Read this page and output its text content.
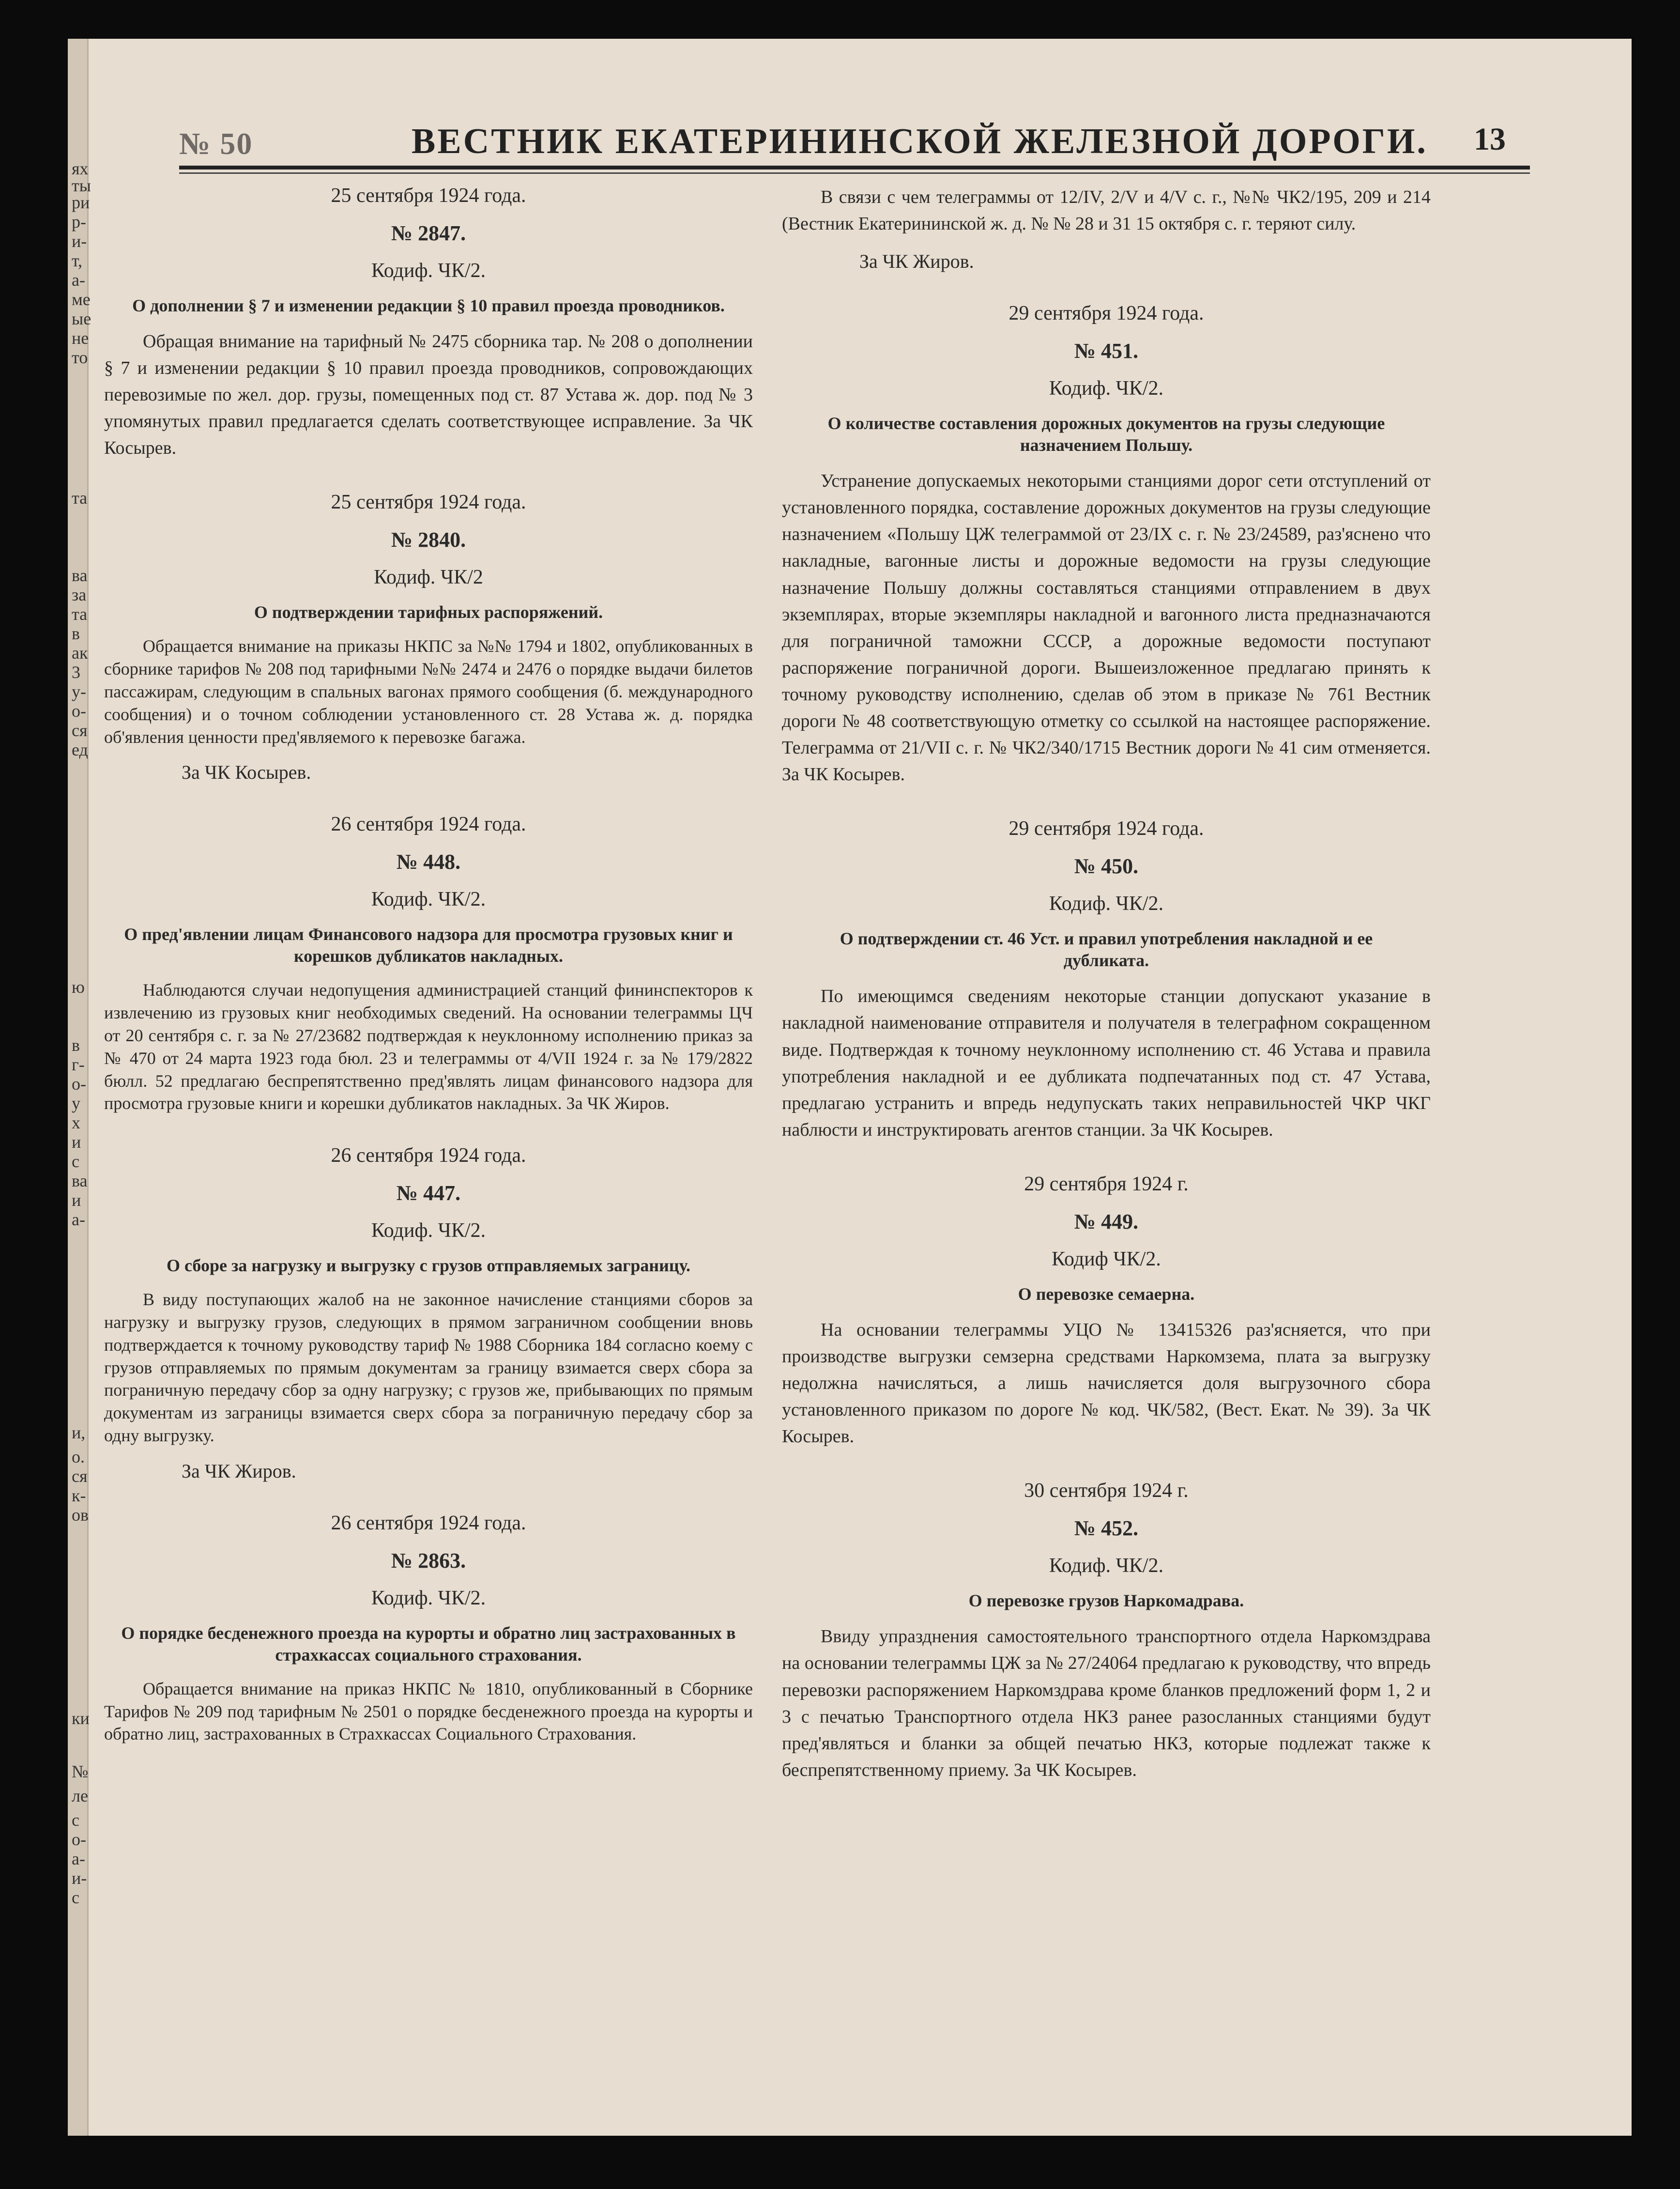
ях
ты
ри
р-
и-
т,
а-
ме
ые
не
то
та
ва
за
та
в
ак
3
у-
о-
ся
ед
ю
в
г-
о-
у
х
и
с
ва
и
а-
и,
о.
ся
к-
ов
ки
№
ле
с
о-
а-
и-
с
№ 50	ВЕСТНИК ЕКАТЕРИНИНСКОЙ ЖЕЛЕЗНОЙ ДОРОГИ. 13
25 сентября 1924 года.
№ 2847.
Кодиф. ЧК/2.
О дополнении § 7 и изменении редакции § 10 правил проезда проводников.

Обращая внимание на тарифный № 2475 сборника тар. № 208 о дополнении § 7 и изменении редакции § 10 правил проезда проводников, сопровождающих перевозимые по жел. дор. грузы, помещенных под ст. 87 Устава ж. дор. под № 3 упомянутых правил предлагается сделать соответствующее исправление. За ЧК Косырев.

25 сентября 1924 года.
№ 2840.
Кодиф. ЧК/2
О подтверждении тарифных распоряжений.

Обращается внимание на приказы НКПС за №№ 1794 и 1802, опубликованных в сборнике тарифов № 208 под тарифными №№ 2474 и 2476 о порядке выдачи билетов пассажирам, следующим в спальных вагонах прямого сообщения (б. международного сообщения) и о точном соблюдении установленного ст. 28 Устава ж. д. порядка об'явления ценности пред'являемого к перевозке багажа.

За ЧК Косырев.
26 сентября 1924 года.
№ 448.
Кодиф. ЧК/2.
О пред'явлении лицам Финансового надзора для просмотра грузовых книг и корешков дубликатов накладных.

Наблюдаются случаи недопущения администрацией станций фининспекторов к извлечению из грузовых книг необходимых сведений. На основании телеграммы ЦЧ от 20 сентября с. г. за № 27/23682 подтверждая к неуклонному исполнению приказ за № 470 от 24 марта 1923 года бюл. 23 и телеграммы от 4/VII 1924 г. за № 179/2822 бюлл. 52 предлагаю беспрепятственно пред'являть лицам финансового надзора для просмотра грузовые книги и корешки дубликатов накладных. За ЧК Жиров.

26 сентября 1924 года.
№ 447.
Кодиф. ЧК/2.
О сборе за нагрузку и выгрузку с грузов отправляемых заграницу.

В виду поступающих жалоб на не законное начисление станциями сборов за нагрузку и выгрузку грузов, следующих в прямом заграничном сообщении вновь подтверждается к точному руководству тариф № 1988 Сборника 184 согласно коему с грузов отправляемых по прямым документам за границу взимается сверх сбора за пограничную передачу сбор за одну нагрузку; с грузов же, прибывающих по прямым документам из заграницы взимается сверх сбора за пограничную передачу сбор за одну выгрузку.

За ЧК Жиров.
26 сентября 1924 года.
№ 2863.
Кодиф. ЧК/2.
О порядке бесденежного проезда на курорты и обратно лиц застрахованных в страхкассах социального страхования.

Обращается внимание на приказ НКПС № 1810, опубликованный в Сборнике Тарифов № 209 под тарифным № 2501 о порядке бесденежного проезда на курорты и обратно лиц, застрахованных в Страхкассах Социального Страхования.

В связи с чем телеграммы от 12/IV, 2/V и 4/V с. г., №№ ЧК2/195, 209 и 214 (Вестник Екатерининской ж. д. № № 28 и 31 15 октября с. г. теряют силу.

За ЧК Жиров.
29 сентября 1924 года.
№ 451.
Кодиф. ЧК/2.
О количестве составления дорожных документов на грузы следующие назначением Польшу.

Устранение допускаемых некоторыми станциями дорог сети отступлений от установленного порядка, составление дорожных документов на грузы следующие назначением «Польшу ЦЖ телеграммой от 23/IX с. г. № 23/24589, раз'яснено что накладные, вагонные листы и дорожные ведомости на грузы следующие назначение Польшу должны составляться станциями отправлением в двух экземплярах, вторые экземпляры накладной и вагонного листа предназначаются для пограничной таможни СССР, а дорожные ведомости поступают распоряжение пограничной дороги. Вышеизложенное предлагаю принять к точному руководству исполнению, сделав об этом в приказе № 761 Вестник дороги № 48 соответствующую отметку со ссылкой на настоящее распоряжение. Телеграмма от 21/VII с. г. № ЧК2/340/1715 Вестник дороги № 41 сим отменяется. За ЧК Косырев.

29 сентября 1924 года.
№ 450.
Кодиф. ЧК/2.
О подтверждении ст. 46 Уст. и правил употребления накладной и ее дубликата.

По имеющимся сведениям некоторые станции допускают указание в накладной наименование отправителя и получателя в телеграфном сокращенном виде. Подтверждая к точному неуклонному исполнению ст. 46 Устава и правила употребления накладной и ее дубликата подпечатанных под ст. 47 Устава, предлагаю устранить и впредь недупускать таких неправильностей ЧКР ЧКГ наблюсти и инструктировать агентов станции. За ЧК Косырев.

29 сентября 1924 г.
№ 449.
Кодиф ЧК/2.
О перевозке семаерна.

На основании телеграммы УЦО № 13415326 раз'ясняется, что при производстве выгрузки семзерна средствами Наркомзема, плата за выгрузку недолжна начисляться, а лишь начисляется доля выгрузочного сбора установленного приказом по дороге № код. ЧК/582, (Вест. Екат. № 39). За ЧК Косырев.

30 сентября 1924 г.
№ 452.
Кодиф. ЧК/2.
О перевозке грузов Наркомадрава.

Ввиду упразднения самостоятельного транспортного отдела Наркомздрава на основании телеграммы ЦЖ за № 27/24064 предлагаю к руководству, что впредь перевозки распоряжением Наркомздрава кроме бланков предложений форм 1, 2 и 3 с печатью Транспортного отдела НКЗ ранее разосланных станциями будут пред'являться и бланки за общей печатью НКЗ, которые подлежат также к беспрепятственному приему. За ЧК Косырев.
